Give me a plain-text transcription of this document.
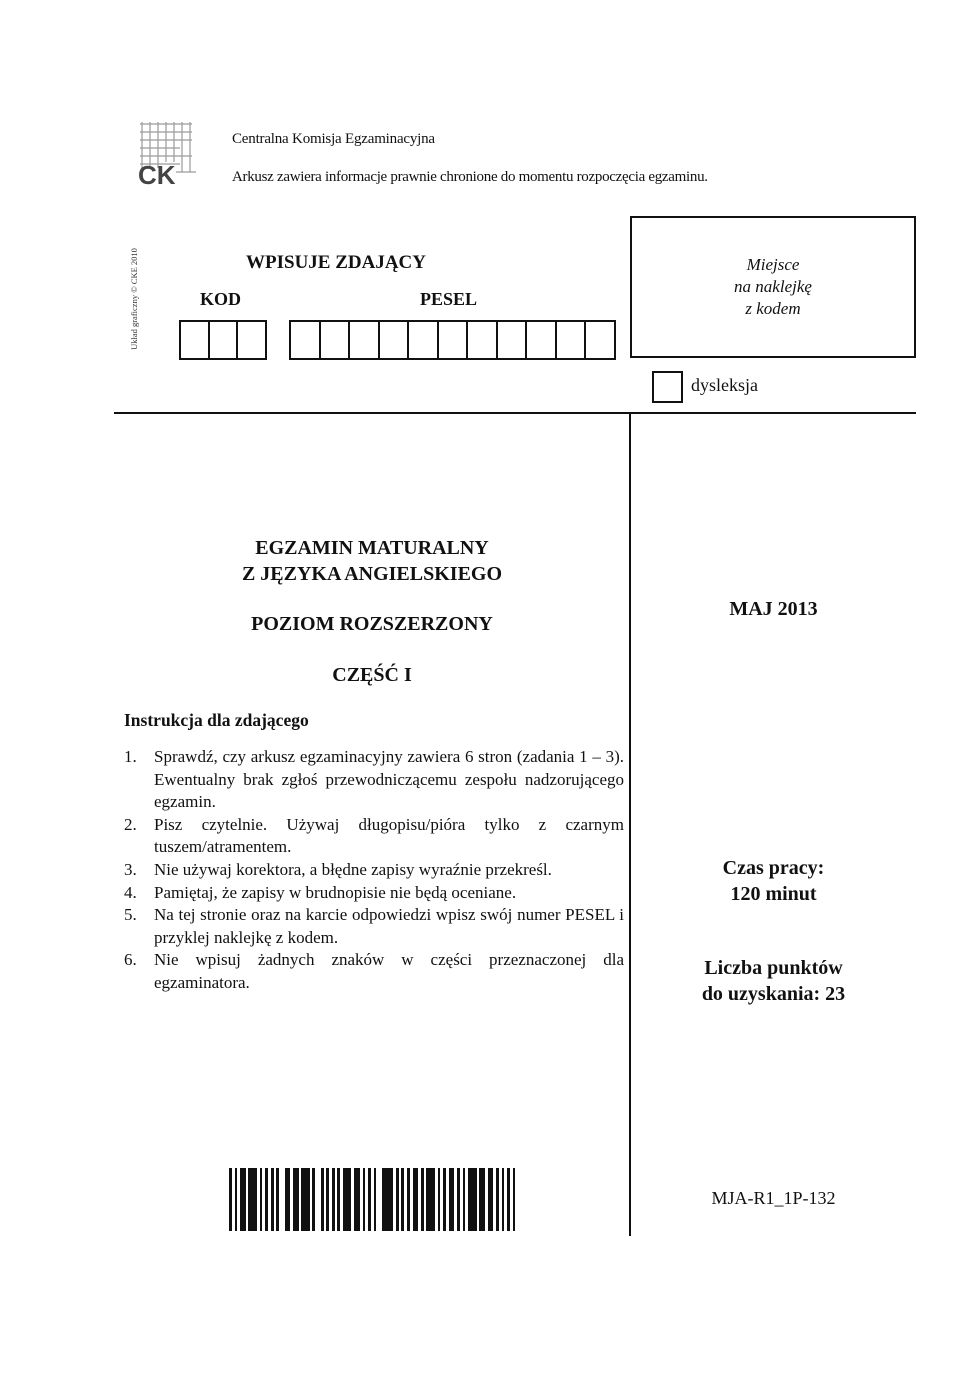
CK
Centralna Komisja Egzaminacyjna
Arkusz zawiera informacje prawnie chronione do momentu rozpoczęcia egzaminu.
Układ graficzny © CKE 2010	WPISUJE ZDAJĄCY
KOD	PESEL
Miejsce
na naklejkę
z kodem
dysleksja
EGZAMIN MATURALNY
Z JĘZYKA ANGIELSKIEGO
POZIOM ROZSZERZONY
CZĘŚĆ I
Instrukcja dla zdającego
1. Sprawdź, czy arkusz egzaminacyjny zawiera 6 stron (zadania 1 – 3). Ewentualny brak zgłoś przewodniczącemu zespołu nadzorującego egzamin.
2. Pisz czytelnie. Używaj długopisu/pióra tylko z czarnym tuszem/atramentem.
3. Nie używaj korektora, a błędne zapisy wyraźnie przekreśl.
4. Pamiętaj, że zapisy w brudnopisie nie będą oceniane.
5. Na tej stronie oraz na karcie odpowiedzi wpisz swój numer PESEL i przyklej naklejkę z kodem.
6. Nie wpisuj żadnych znaków w części przeznaczonej dla egzaminatora.
MAJ 2013
Czas pracy:
120 minut
Liczba punktów
do uzyskania: 23
MJA-R1_1P-132
